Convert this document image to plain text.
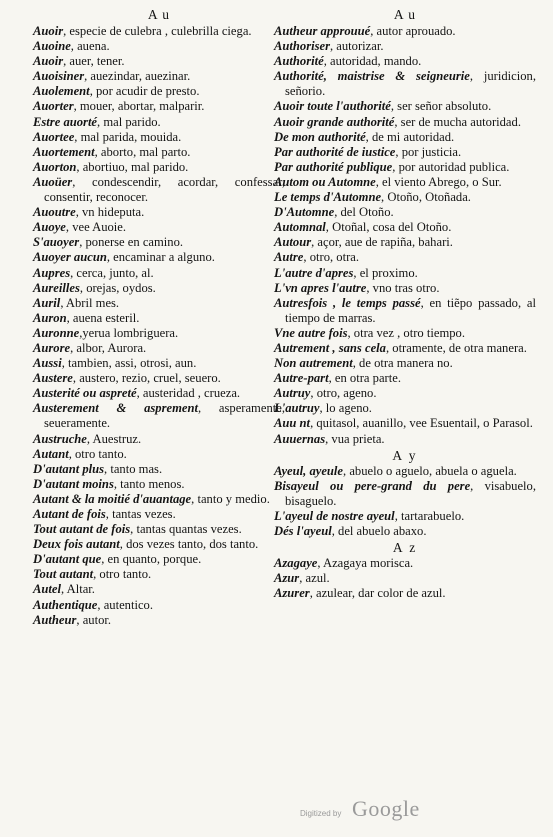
A u

Auoir, especie de culebra , culebrilla ciega.

Auoine, auena.

Auoir, auer, tener.

Auoisiner, auezindar, auezinar.

Auolement, por acudir de presto.

Auorter, mouer, abortar, malparir.

Estre auorté, mal parido.

Auortee, mal parida, mouida.

Auortement, aborto, mal parto.

Auorton, abortiuo, mal parido.

Auoüer, condescendir, acordar, confessar, consentir, reconocer.

Auoutre, vn hideputa.

Auoye, vee Auoie.

S'auoyer, ponerse en camino.

Auoyer aucun, encaminar a alguno.

Aupres, cerca, junto, al.

Aureilles, orejas, oydos.

Auril, Abril mes.

Auron, auena esteril.

Auronne,yerua lombriguera.

Aurore, albor, Aurora.

Aussi, tambien, assi, otrosi, aun.

Austere, austero, rezio, cruel, seuero.

Austerité ou aspreté, austeridad , crueza.

Austerement & asprement, asperamente, seueramente.

Austruche, Auestruz.

Autant, otro tanto.

D'autant plus, tanto mas.

D'autant moins, tanto menos.

Autant & la moitié d'auantage, tanto y medio.

Autant de fois, tantas vezes.

Tout autant de fois, tantas quantas vezes.

Deux fois autant, dos vezes tanto, dos tanto.

D'autant que, en quanto, porque.

Tout autant, otro tanto.

Autel, Altar.

Authentique, autentico.

Autheur, autor.

A u

Autheur approuué, autor aprouado.

Authoriser, autorizar.

Authorité, autoridad, mando.

Authorité, maistrise & seigneurie, juridicion, señorio.

Auoir toute l'authorité, ser señor absoluto.

Auoir grande authorité, ser de mucha autoridad.

De mon authorité, de mi autoridad.

Par authorité de iustice, por justicia.

Par authorité publique, por autoridad publica.

Autom ou Automne, el viento Abrego, o Sur.

Le temps d'Automne, Otoño, Otoñada.

D'Automne, del Otoño.

Automnal, Otoñal, cosa del Otoño.

Autour, açor, aue de rapiña, bahari.

Autre, otro, otra.

L'autre d'apres, el proximo.

L'vn apres l'autre, vno tras otro.

Autresfois , le temps passé, en tiẽpo passado, al tiempo de marras.

Vne autre fois, otra vez , otro tiempo.

Autrement , sans cela, otramente, de otra manera.

Non autrement, de otra manera no.

Autre-part, en otra parte.

Autruy, otro, ageno.

L'autruy, lo ageno.

Auu nt, quitasol, auanillo, vee Esuentail, o Parasol.

Auuernas, vua prieta.

A y

Ayeul, ayeule, abuelo o aguelo, abuela o aguela.

Bisayeul ou pere-grand du pere, visabuelo, bisaguelo.

L'ayeul de nostre ayeul, tartarabuelo.

Dés l'ayeul, del abuelo abaxo.

A z

Azagaye, Azagaya morisca.

Azur, azul.

Azurer, azulear, dar color de azul.

Digitized by Google
